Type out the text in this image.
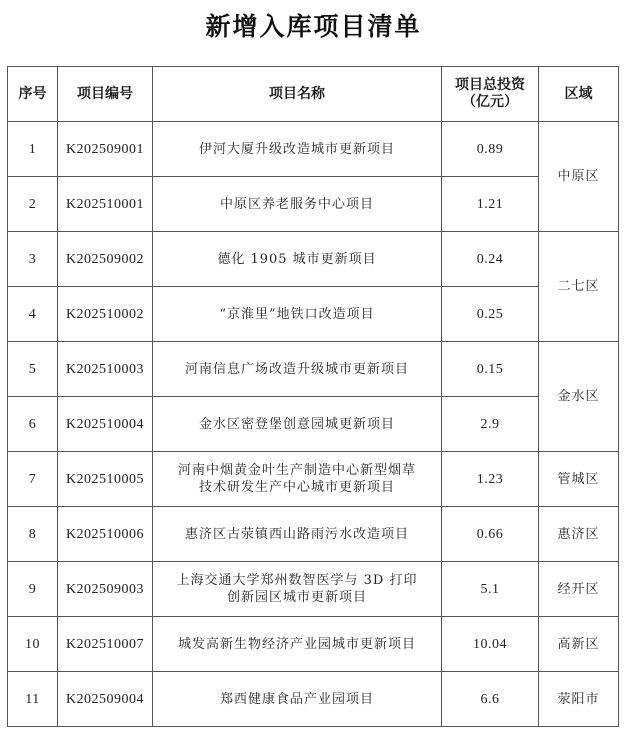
新增入库项目清单
序号	项目编号	项目名称	项目总投资
（亿元）	区域
1	K202509001	伊河大厦升级改造城市更新项目	0.89	中原区
2	K202510001	中原区养老服务中心项目	1.21	
3	K202509002	德化 1905 城市更新项目	0.24	二七区
4	K202510002	“京淮里”地铁口改造项目	0.25	
5	K202510003	河南信息广场改造升级城市更新项目	0.15	金水区
6	K202510004	金水区密登堡创意园城更新项目	2.9	
7	K202510005	河南中烟黄金叶生产制造中心新型烟草
技术研发生产中心城市更新项目	1.23	管城区
8	K202510006	惠济区古荥镇西山路雨污水改造项目	0.66	惠济区
9	K202509003	上海交通大学郑州数智医学与 3D 打印
创新园区城市更新项目	5.1	经开区
10	K202510007	城发高新生物经济产业园城市更新项目	10.04	高新区
11	K202509004	郑西健康食品产业园项目	6.6	荥阳市
